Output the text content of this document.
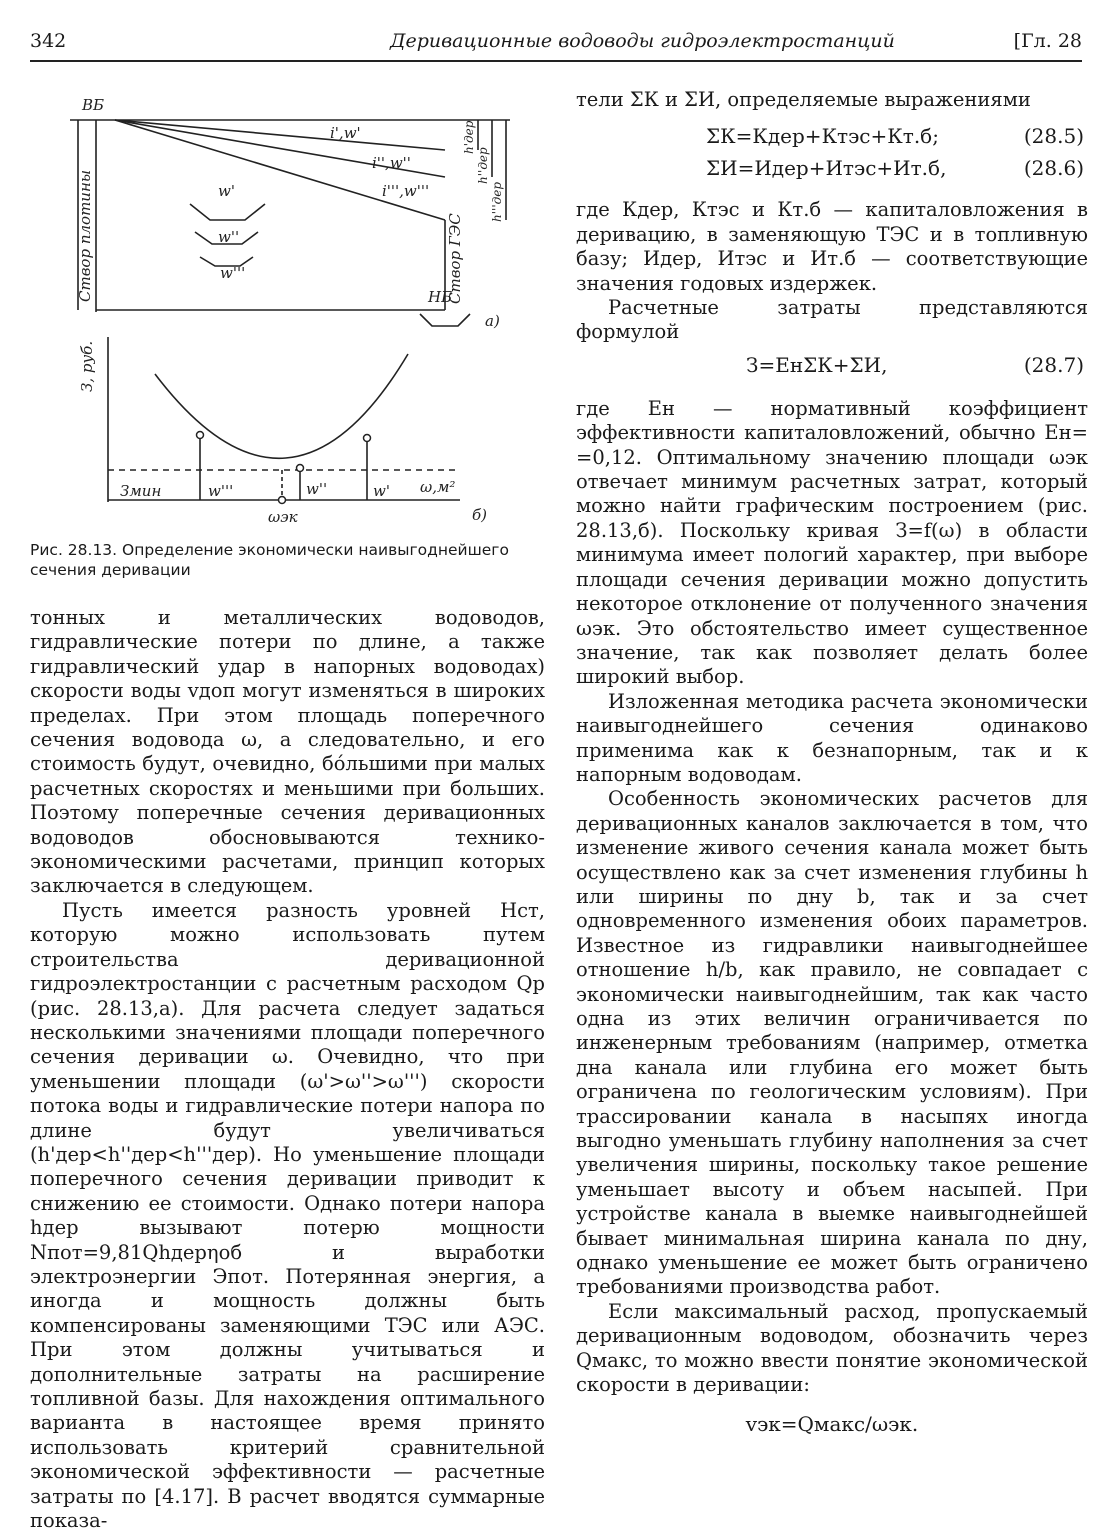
342	Деривационные водоводы гидроэлектростанций	[Гл. 28
ВБ
НБ
i',w'
i'',w''
i''',w'''
w'
w''
w'''
а)
Змин	w'''	w''	w' ω,м²
ωэк	б)
З, руб.
Створ плотины	Створ ГЭС
h'дер
h''дер
h'''дер
Рис. 28.13. Определение экономически наивыгоднейшего сечения деривации

тонных и металлических водоводов, гидравлические потери по длине, а также гидравлический удар в напорных водоводах) скорости воды vдоп могут изменяться в широких пределах. При этом площадь поперечного сечения водовода ω, а следовательно, и его стоимость будут, очевидно, бо́льшими при малых расчетных скоростях и меньшими при больших. Поэтому поперечные сечения деривационных водоводов обосновываются технико-экономическими расчетами, принцип которых заключается в следующем.

Пусть имеется разность уровней Нст, которую можно использовать путем строительства деривационной гидроэлектростанции с расчетным расходом Qр (рис. 28.13,а). Для расчета следует задаться несколькими значениями площади поперечного сечения деривации ω. Очевидно, что при уменьшении площади (ω'>ω''>ω''') скорости потока воды и гидравлические потери напора по длине будут увеличиваться (h'дер<h''дер<h'''дер). Но уменьшение площади поперечного сечения деривации приводит к снижению ее стоимости. Однако потери напора hдер вызывают потерю мощности Nпот=9,81Qhдерηоб и выработки электроэнергии Эпот. Потерянная энергия, а иногда и мощность должны быть компенсированы заменяющими ТЭС или АЭС. При этом должны учитываться и дополнительные затраты на расширение топливной базы. Для нахождения оптимального варианта в настоящее время принято использовать критерий сравнительной экономической эффективности — расчетные затраты по [4.17]. В расчет вводятся суммарные показа-

тели ΣК и ΣИ, определяемые выражениями

ΣК=Кдер+Ктэс+Кт.б;	(28.5)
ΣИ=Идер+Итэс+Ит.б,	(28.6)

где Кдер, Ктэс и Кт.б — капиталовложения в деривацию, в заменяющую ТЭС и в топливную базу; Идер, Итэс и Ит.б — соответствующие значения годовых издержек.

Расчетные затраты представляются формулой

З=ЕнΣК+ΣИ,	(28.7)

где Ен — нормативный коэффициент эффективности капиталовложений, обычно Ен= =0,12. Оптимальному значению площади ωэк отвечает минимум расчетных затрат, который можно найти графическим построением (рис. 28.13,б). Поскольку кривая З=f(ω) в области минимума имеет пологий характер, при выборе площади сечения деривации можно допустить некоторое отклонение от полученного значения ωэк. Это обстоятельство имеет существенное значение, так как позволяет делать более широкий выбор.

Изложенная методика расчета экономически наивыгоднейшего сечения одинаково применима как к безнапорным, так и к напорным водоводам.

Особенность экономических расчетов для деривационных каналов заключается в том, что изменение живого сечения канала может быть осуществлено как за счет изменения глубины h или ширины по дну b, так и за счет одновременного изменения обоих параметров. Известное из гидравлики наивыгоднейшее отношение h/b, как правило, не совпадает с экономически наивыгоднейшим, так как часто одна из этих величин ограничивается по инженерным требованиям (например, отметка дна канала или глубина его может быть ограничена по геологическим условиям). При трассировании канала в насыпях иногда выгодно уменьшать глубину наполнения за счет увеличения ширины, поскольку такое решение уменьшает высоту и объем насыпей. При устройстве канала в выемке наивыгоднейшей бывает минимальная ширина канала по дну, однако уменьшение ее может быть ограничено требованиями производства работ.

Если максимальный расход, пропускаемый деривационным водоводом, обозначить через Qмакс, то можно ввести понятие экономической скорости в деривации:

vэк=Qмакс/ωэк.
